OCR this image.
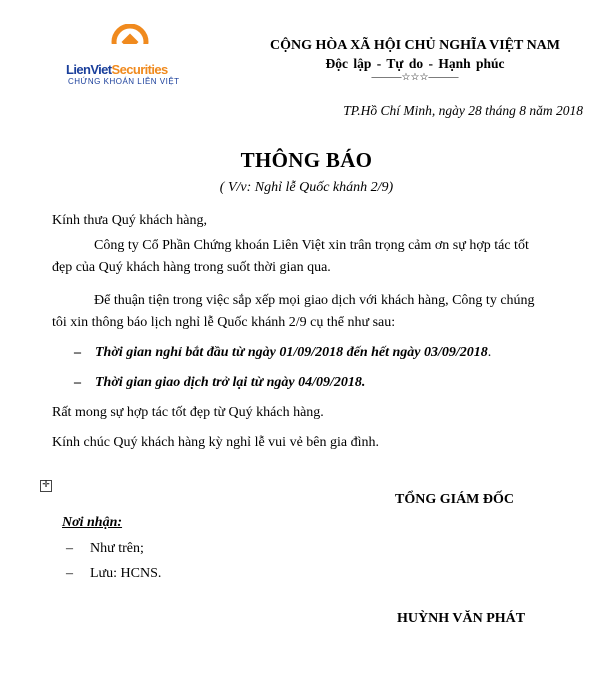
LienVietSecurities
CHỨNG KHOÁN LIÊN VIỆT
CỘNG HÒA XÃ HỘI CHỦ NGHĨA VIỆT NAM
Độc lập - Tự do - Hạnh phúc
———☆☆☆———
TP.Hồ Chí Minh, ngày 28 tháng 8 năm 2018
THÔNG BÁO
( V/v: Nghỉ lễ Quốc khánh 2/9)
Kính thưa Quý khách hàng,
Công ty Cổ Phần Chứng khoán Liên Việt xin trân trọng cảm ơn sự hợp tác tốt
đẹp của Quý khách hàng trong suốt thời gian qua.
Để thuận tiện trong việc sắp xếp mọi giao dịch với khách hàng, Công ty chúng
tôi xin thông báo lịch nghỉ lễ Quốc khánh 2/9 cụ thể như sau:
– Thời gian nghỉ bắt đầu từ ngày 01/09/2018 đến hết ngày 03/09/2018.
– Thời gian giao dịch trở lại từ ngày 04/09/2018.
Rất mong sự hợp tác tốt đẹp từ Quý khách hàng.
Kính chúc Quý khách hàng kỳ nghỉ lễ vui vẻ bên gia đình.
✛
TỔNG GIÁM ĐỐC
Nơi nhận:
– Như trên;
– Lưu: HCNS.
HUỲNH VĂN PHÁT
